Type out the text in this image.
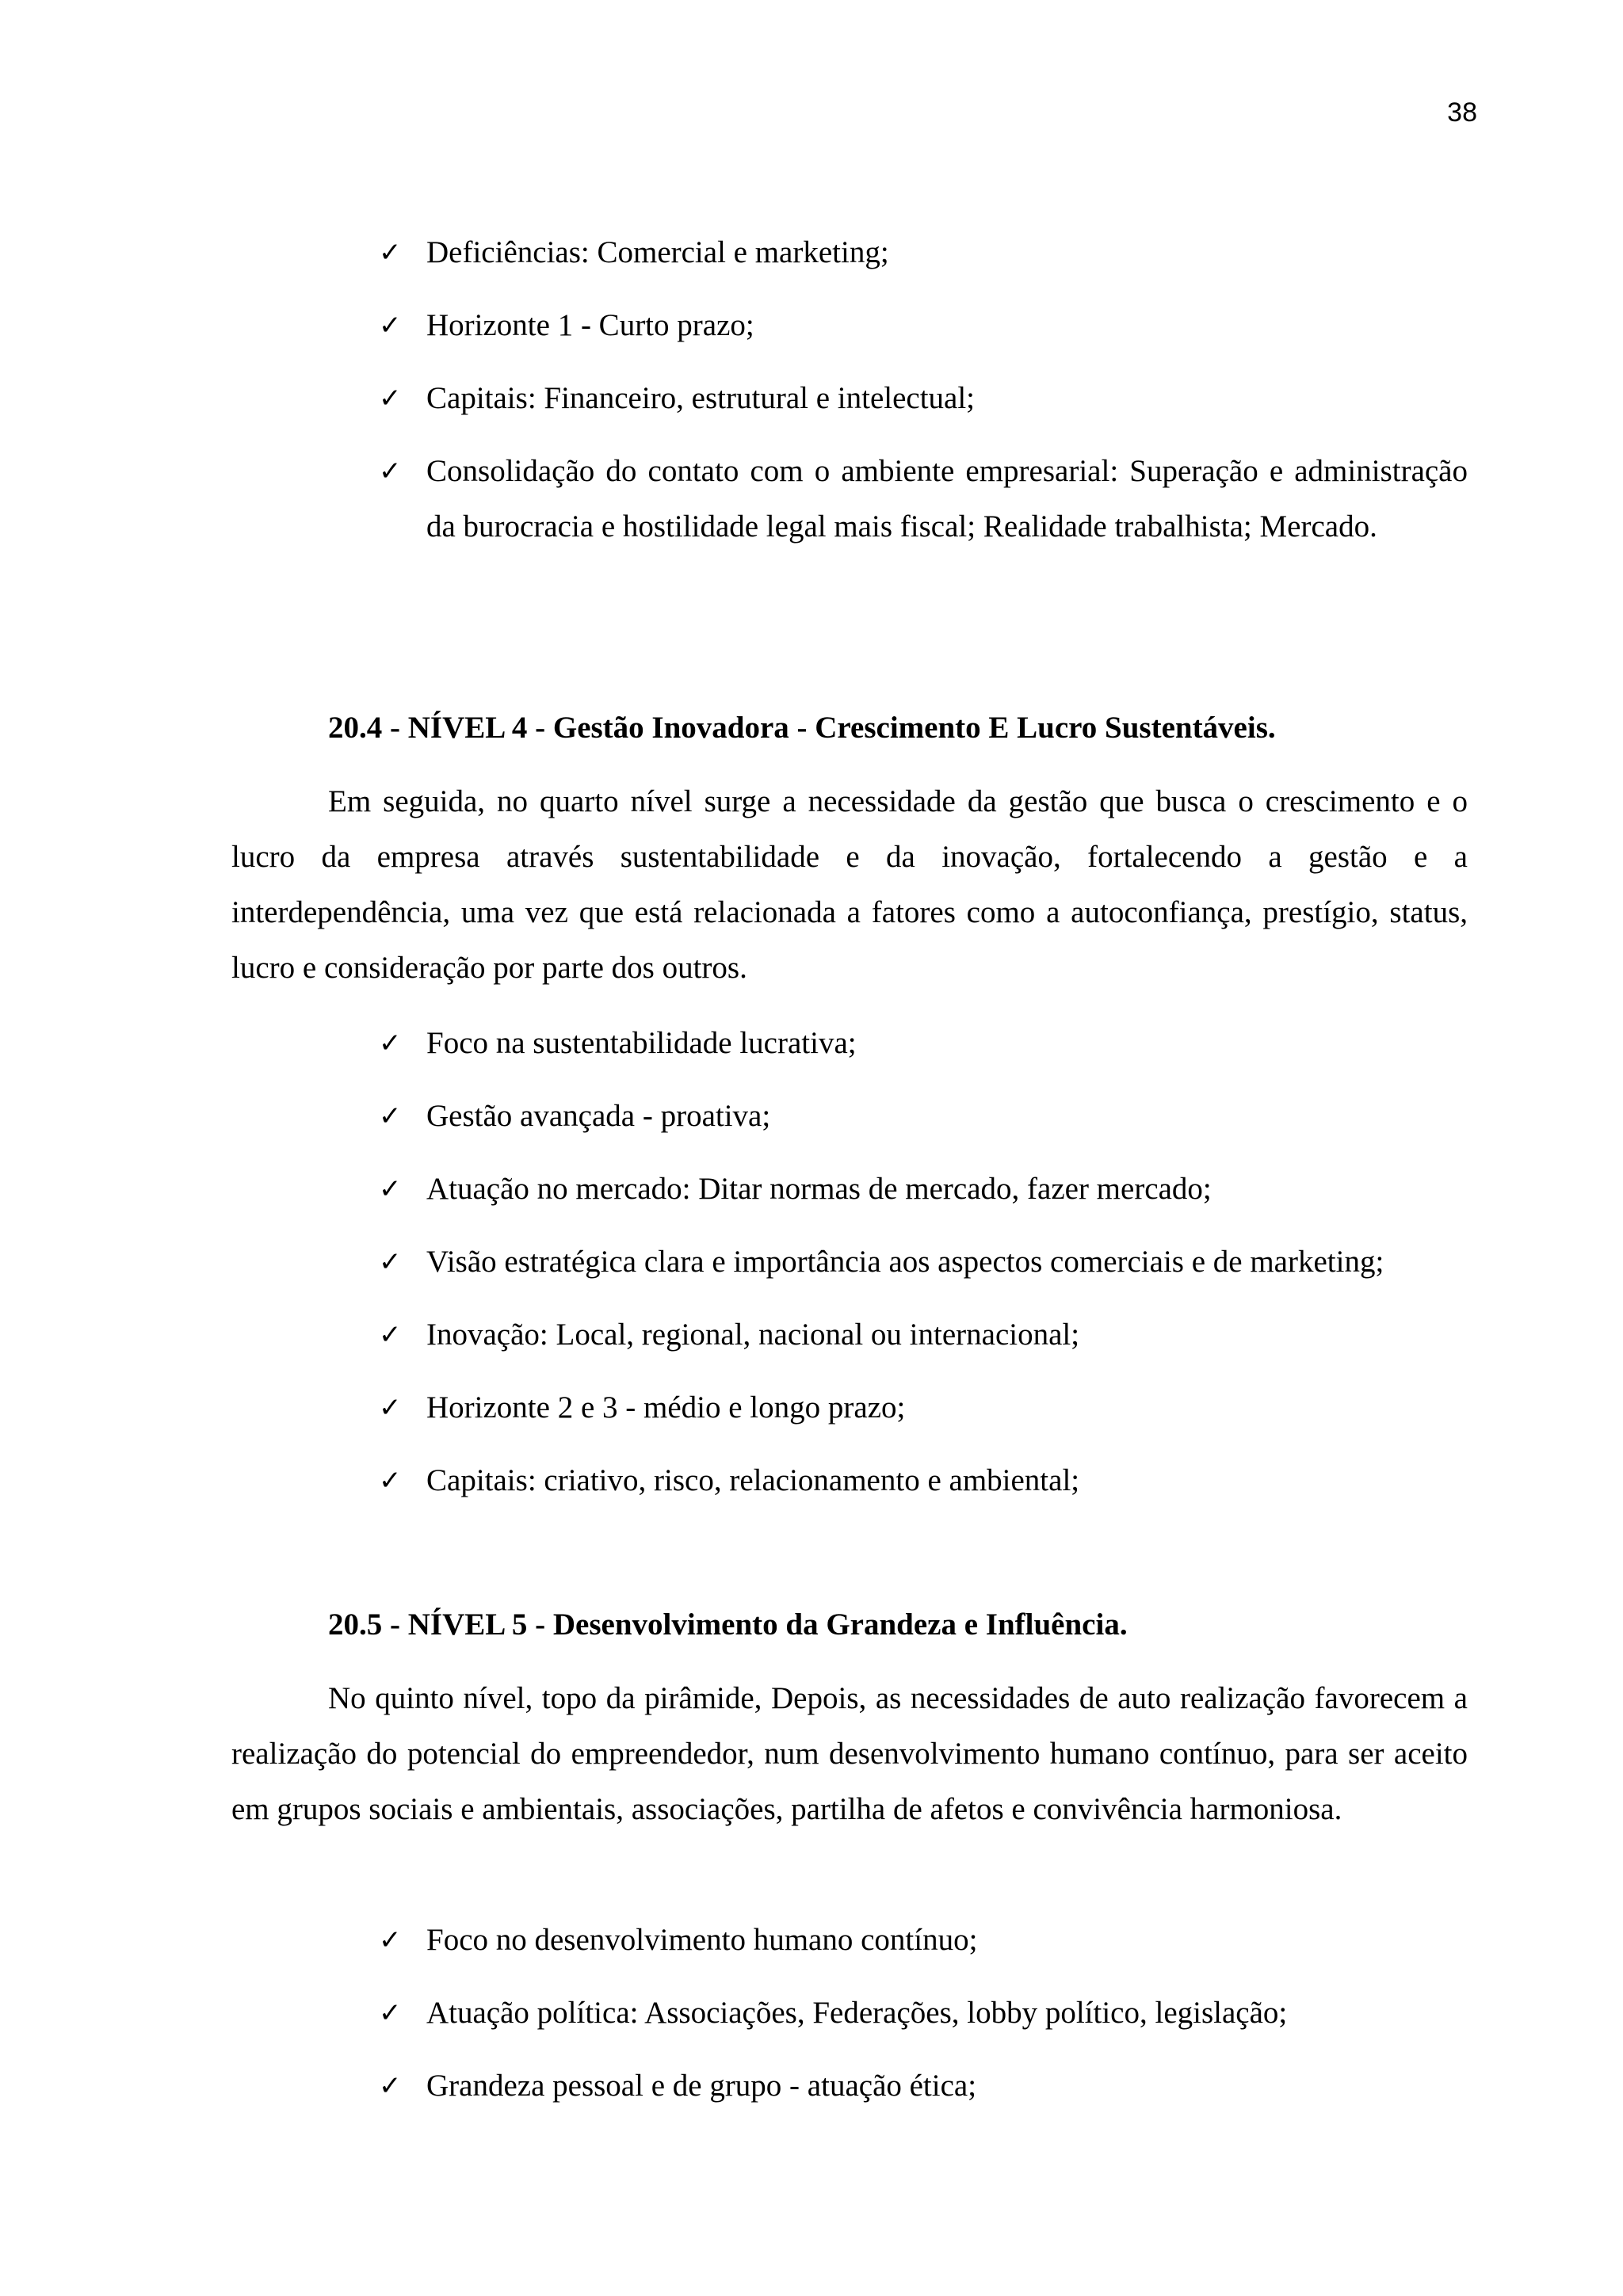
38
✓ Deficiências: Comercial e marketing;
✓ Horizonte 1 - Curto prazo;
✓ Capitais: Financeiro, estrutural e intelectual;
✓ Consolidação do contato com o ambiente empresarial: Superação e administração da burocracia e hostilidade legal mais fiscal; Realidade trabalhista; Mercado.
20.4 - NÍVEL 4 - Gestão Inovadora - Crescimento E Lucro Sustentáveis.

Em seguida, no quarto nível surge a necessidade da gestão que busca o crescimento e o lucro da empresa através sustentabilidade e da inovação, fortalecendo a gestão e a interdependência, uma vez que está relacionada a fatores como a autoconfiança, prestígio, status, lucro e consideração por parte dos outros.

✓ Foco na sustentabilidade lucrativa;
✓ Gestão avançada - proativa;
✓ Atuação no mercado: Ditar normas de mercado, fazer mercado;
✓ Visão estratégica clara e importância aos aspectos comerciais e de marketing;
✓ Inovação: Local, regional, nacional ou internacional;
✓ Horizonte 2 e 3 - médio e longo prazo;
✓ Capitais: criativo, risco, relacionamento e ambiental;
20.5 - NÍVEL 5 - Desenvolvimento da Grandeza e Influência.

No quinto nível, topo da pirâmide, Depois, as necessidades de auto realização favorecem a realização do potencial do empreendedor, num desenvolvimento humano contínuo, para ser aceito em grupos sociais e ambientais, associações, partilha de afetos e convivência harmoniosa.

✓ Foco no desenvolvimento humano contínuo;
✓ Atuação política: Associações, Federações, lobby político, legislação;
✓ Grandeza pessoal e de grupo - atuação ética;
